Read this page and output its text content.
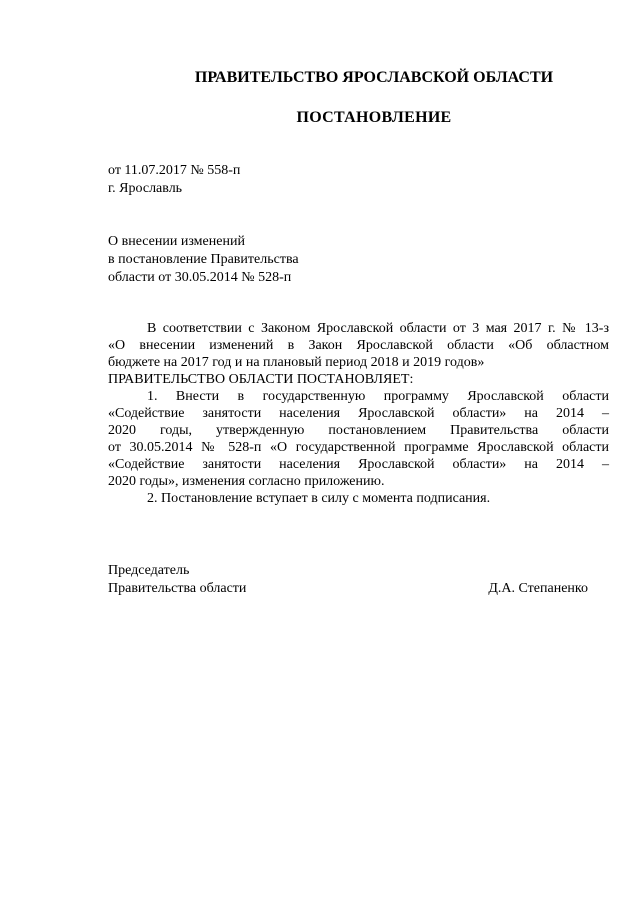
ПРАВИТЕЛЬСТВО ЯРОСЛАВСКОЙ ОБЛАСТИ
ПОСТАНОВЛЕНИЕ
от 11.07.2017 № 558-п
г. Ярославль
О внесении изменений
в постановление Правительства
области от 30.05.2014 № 528-п
В соответствии с Законом Ярославской области от 3 мая 2017 г. № 13-з
«О внесении изменений в Закон Ярославской области «Об областном
бюджете на 2017 год и на плановый период 2018 и 2019 годов»
ПРАВИТЕЛЬСТВО ОБЛАСТИ ПОСТАНОВЛЯЕТ:
1. Внести в государственную программу Ярославской области
«Содействие занятости населения Ярославской области» на 2014 –
2020 годы, утвержденную постановлением Правительства области
от 30.05.2014 № 528-п «О государственной программе Ярославской области
«Содействие занятости населения Ярославской области» на 2014 –
2020 годы», изменения согласно приложению.
2. Постановление вступает в силу с момента подписания.
Председатель
Правительства области	Д.А. Степаненко
